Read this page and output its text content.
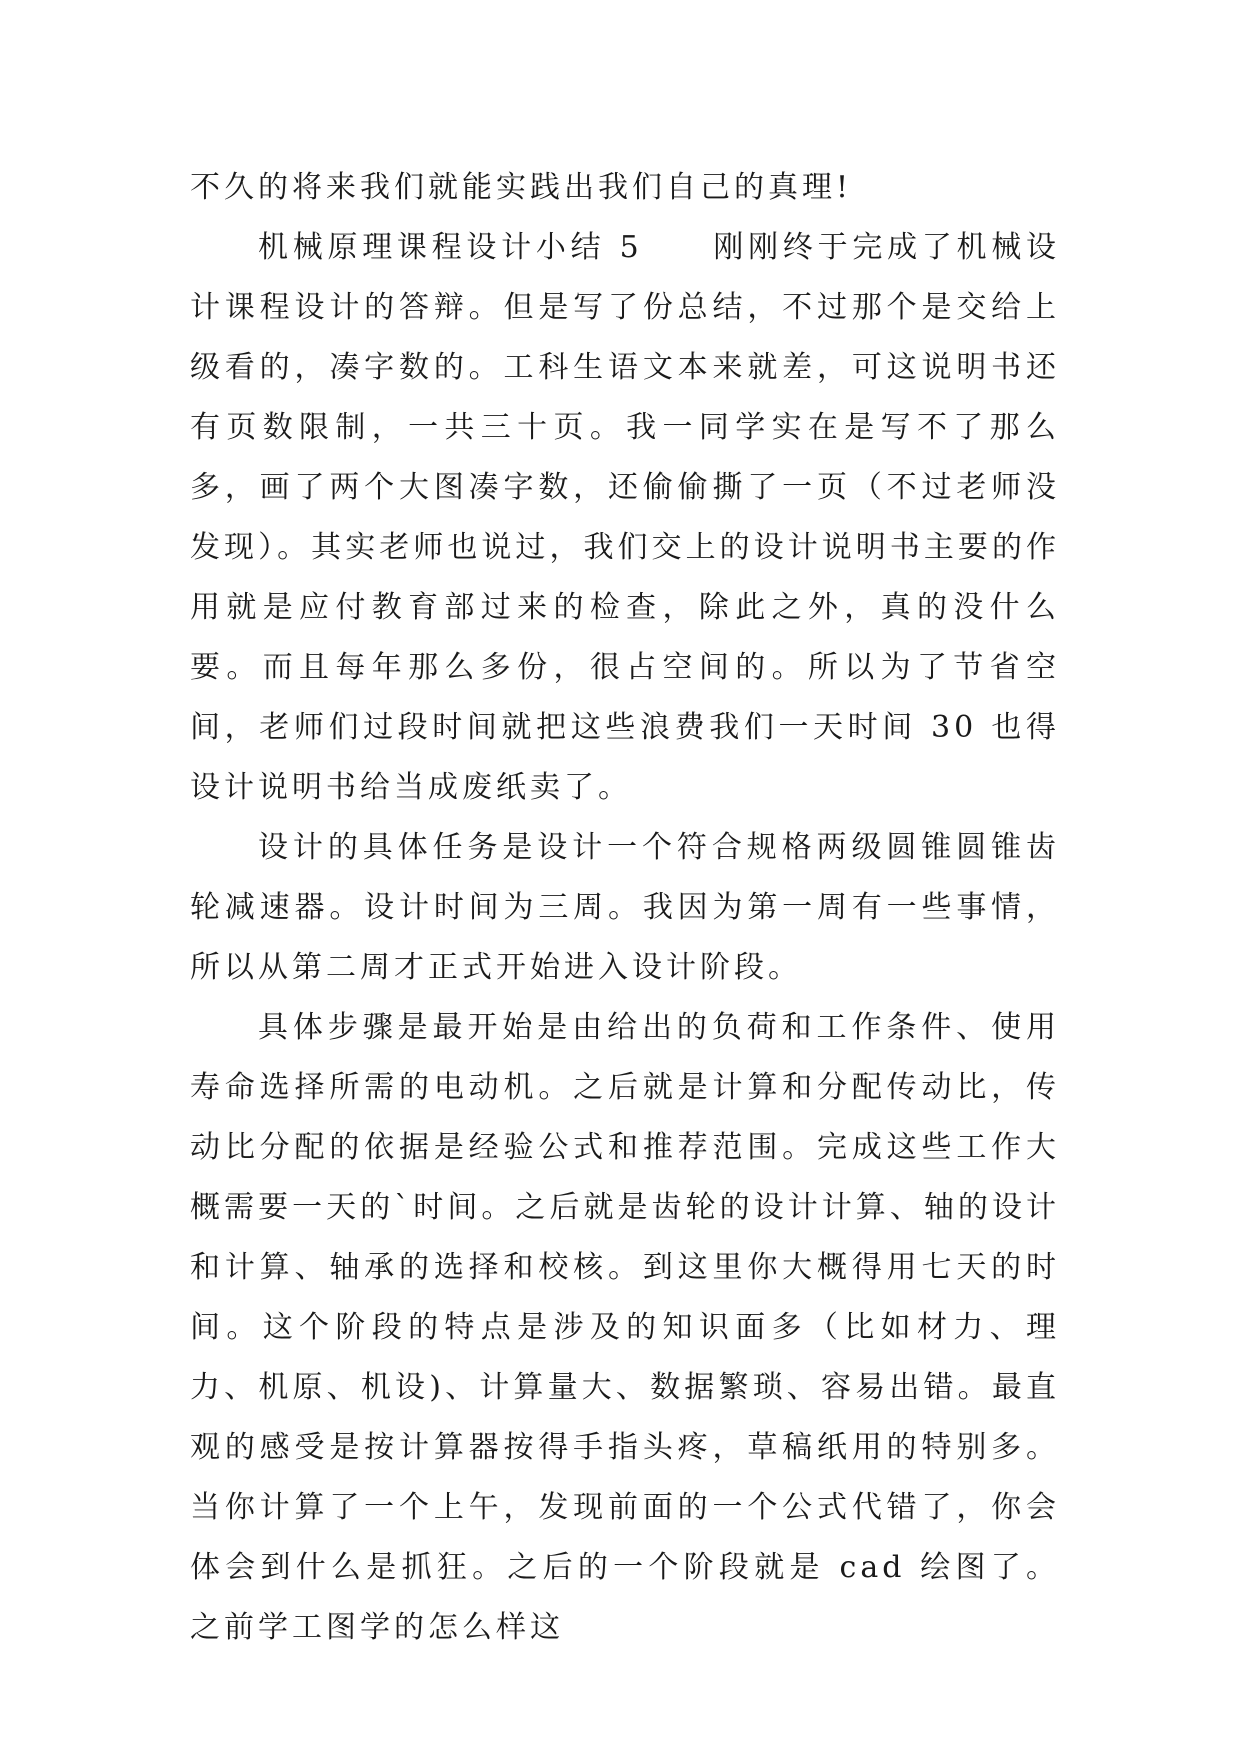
不久的将来我们就能实践出我们自己的真理!

机械原理课程设计小结 5 刚刚终于完成了机械设计课程设计的答辩。但是写了份总结，不过那个是交给上级看的，凑字数的。工科生语文本来就差，可这说明书还有页数限制，一共三十页。我一同学实在是写不了那么多，画了两个大图凑字数，还偷偷撕了一页（不过老师没发现）。其实老师也说过，我们交上的设计说明书主要的作用就是应付教育部过来的检查，除此之外，真的没什么要。而且每年那么多份，很占空间的。所以为了节省空间，老师们过段时间就把这些浪费我们一天时间 30 也得设计说明书给当成废纸卖了。

设计的具体任务是设计一个符合规格两级圆锥圆锥齿轮减速器。设计时间为三周。我因为第一周有一些事情，所以从第二周才正式开始进入设计阶段。

具体步骤是最开始是由给出的负荷和工作条件、使用寿命选择所需的电动机。之后就是计算和分配传动比，传动比分配的依据是经验公式和推荐范围。完成这些工作大概需要一天的`时间。之后就是齿轮的设计计算、轴的设计和计算、轴承的选择和校核。到这里你大概得用七天的时间。这个阶段的特点是涉及的知识面多（比如材力、理力、机原、机设)、计算量大、数据繁琐、容易出错。最直观的感受是按计算器按得手指头疼，草稿纸用的特别多。当你计算了一个上午，发现前面的一个公式代错了，你会体会到什么是抓狂。之后的一个阶段就是 cad 绘图了。之前学工图学的怎么样这
